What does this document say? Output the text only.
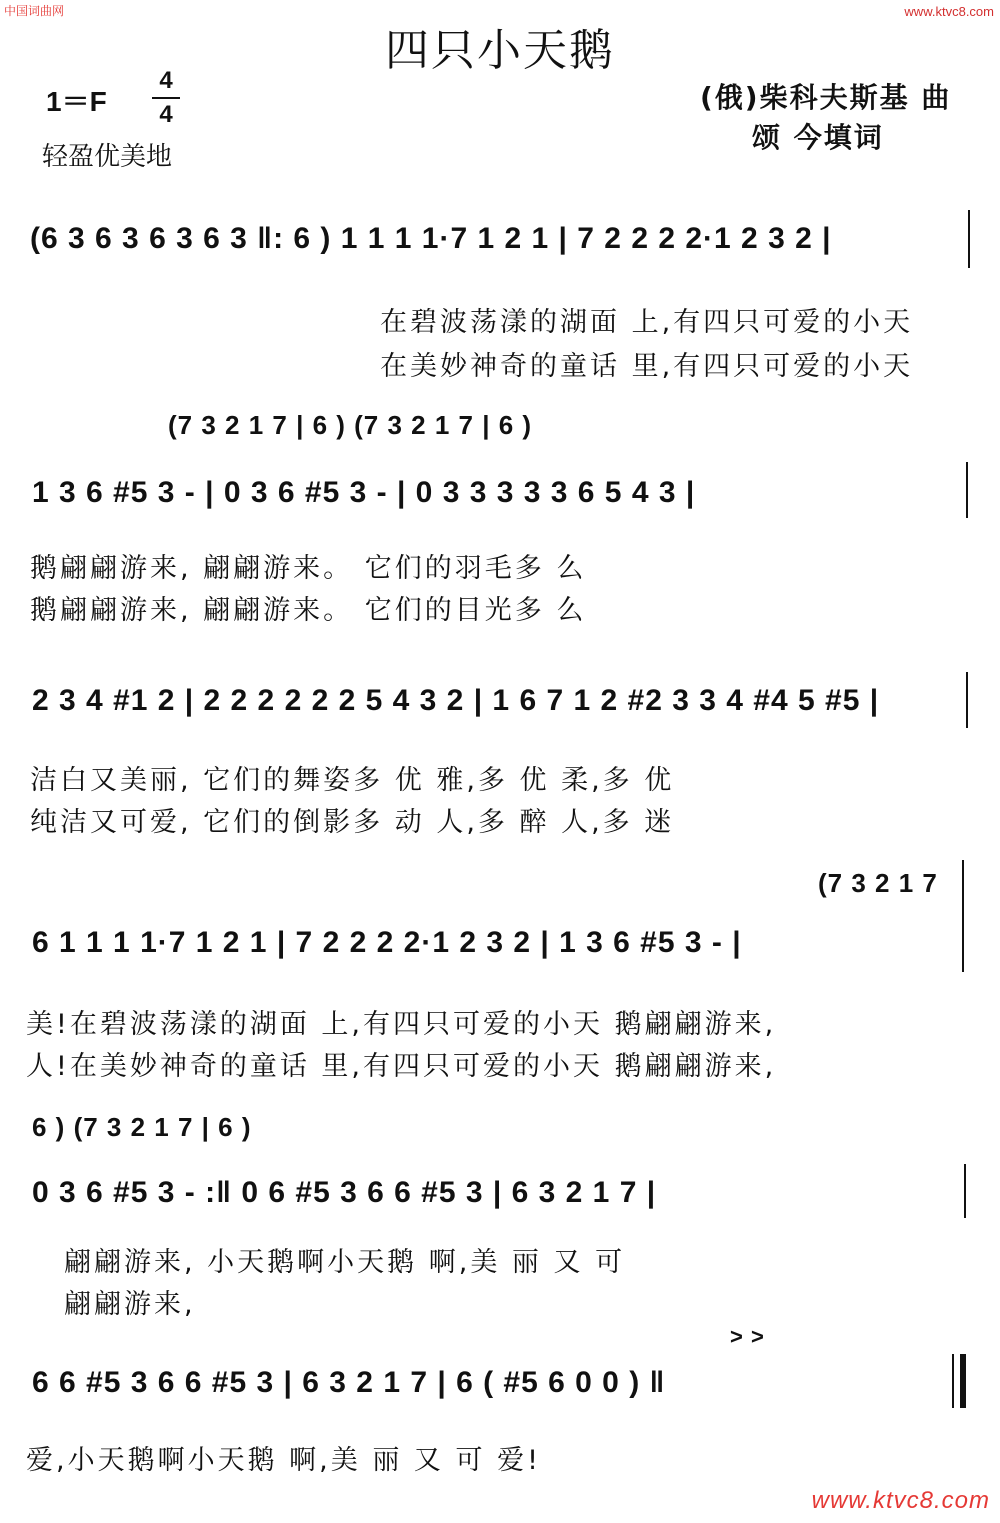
中国词曲网	www.ktvc8.com
四只小天鹅
1＝F
4
4
轻盈优美地
(俄)柴科夫斯基 曲
颂 今填词
(6 3 6 3 6 3 6 3 ‖: 6 ) 1 1 1 1·7 1 2 1 | 7 2 2 2 2·1 2 3 2 |
在碧波荡漾的湖面 上,有四只可爱的小天
在美妙神奇的童话 里,有四只可爱的小天
(7 3 2 1 7 | 6 ) (7 3 2 1 7 | 6 )
1 3 6 #5 3 - | 0 3 6 #5 3 - | 0 3 3 3 3 3 6 5 4 3 |
鹅翩翩游来, 翩翩游来。 它们的羽毛多 么
鹅翩翩游来, 翩翩游来。 它们的目光多 么
2 3 4 #1 2 | 2 2 2 2 2 2 5 4 3 2 | 1 6 7 1 2 #2 3 3 4 #4 5 #5 |
洁白又美丽, 它们的舞姿多 优 雅,多 优 柔,多 优
纯洁又可爱, 它们的倒影多 动 人,多 醉 人,多 迷
(7 3 2 1 7
6 1 1 1 1·7 1 2 1 | 7 2 2 2 2·1 2 3 2 | 1 3 6 #5 3 - |
美!在碧波荡漾的湖面 上,有四只可爱的小天 鹅翩翩游来,
人!在美妙神奇的童话 里,有四只可爱的小天 鹅翩翩游来,
6 ) (7 3 2 1 7 | 6 )
0 3 6 #5 3 - :‖ 0 6 #5 3 6 6 #5 3 | 6 3 2 1 7 |
翩翩游来, 小天鹅啊小天鹅 啊,美 丽 又 可
翩翩游来,
> >
6 6 #5 3 6 6 #5 3 | 6 3 2 1 7 | 6 ( #5 6 0 0 ) ‖
爱,小天鹅啊小天鹅 啊,美 丽 又 可 爱!
www.ktvc8.com
